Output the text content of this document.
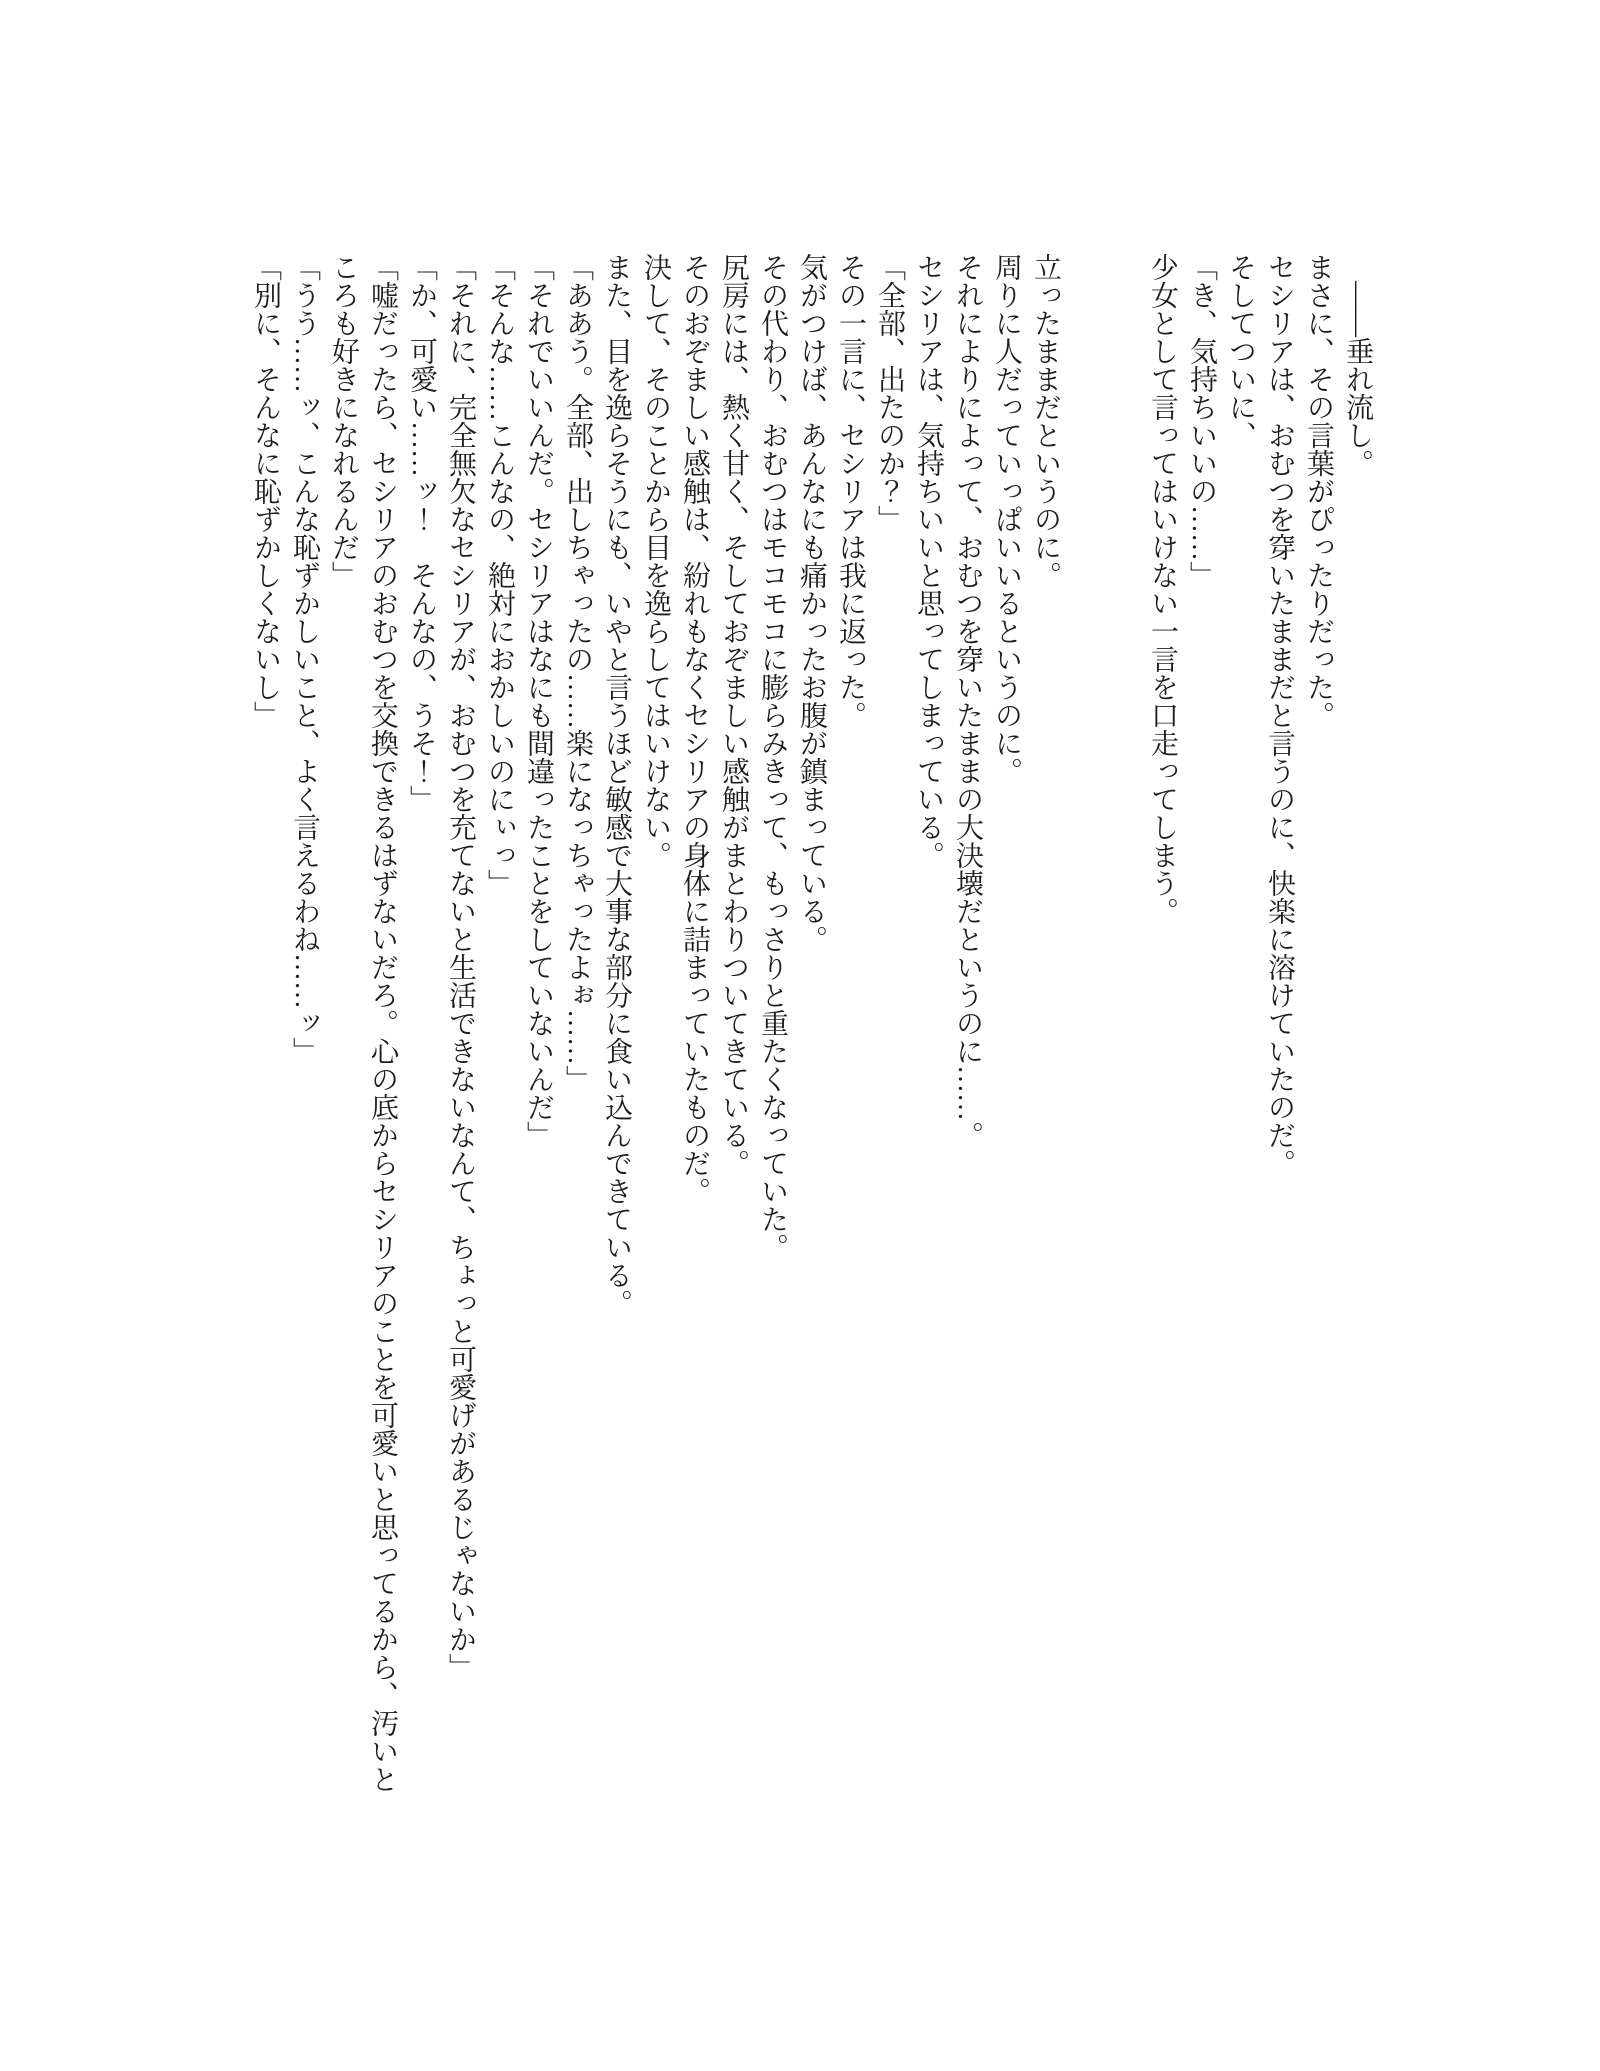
――垂れ流し。

まさに、その言葉がぴったりだった。

セシリアは、おむつを穿いたままだと言うのに、快楽に溶けていたのだ。

そしてついに、

「き、気持ちいいの……」

少女として言ってはいけない一言を口走ってしまう。

立ったままだというのに。

周りに人だっていっぱいいるというのに。

それによりによって、おむつを穿いたままの大決壊だというのに……。

セシリアは、気持ちいいと思ってしまっている。

「全部、出たのか？」

その一言に、セシリアは我に返った。

気がつけば、あんなにも痛かったお腹が鎮まっている。

その代わり、おむつはモコモコに膨らみきって、もっさりと重たくなっていた。

尻房には、熱く甘く、そしておぞましい感触がまとわりついてきている。

そのおぞましい感触は、紛れもなくセシリアの身体に詰まっていたものだ。

決して、そのことから目を逸らしてはいけない。

また、目を逸らそうにも、いやと言うほど敏感で大事な部分に食い込んできている。

「ああう。全部、出しちゃったの……楽になっちゃったよぉ……」

「それでいいんだ。セシリアはなにも間違ったことをしていないんだ」

「そんな……こんなの、絶対におかしいのにぃっ」

「それに、完全無欠なセシリアが、おむつを充てないと生活できないなんて、ちょっと可愛げがあるじゃないか」

「か、可愛い……ッ！　そんなの、うそ！」

「嘘だったら、セシリアのおむつを交換できるはずないだろ。心の底からセシリアのことを可愛いと思ってるから、汚いところも好きになれるんだ」

「うう……ッ、こんな恥ずかしいこと、よく言えるわね……ッ」

「別に、そんなに恥ずかしくないし」
